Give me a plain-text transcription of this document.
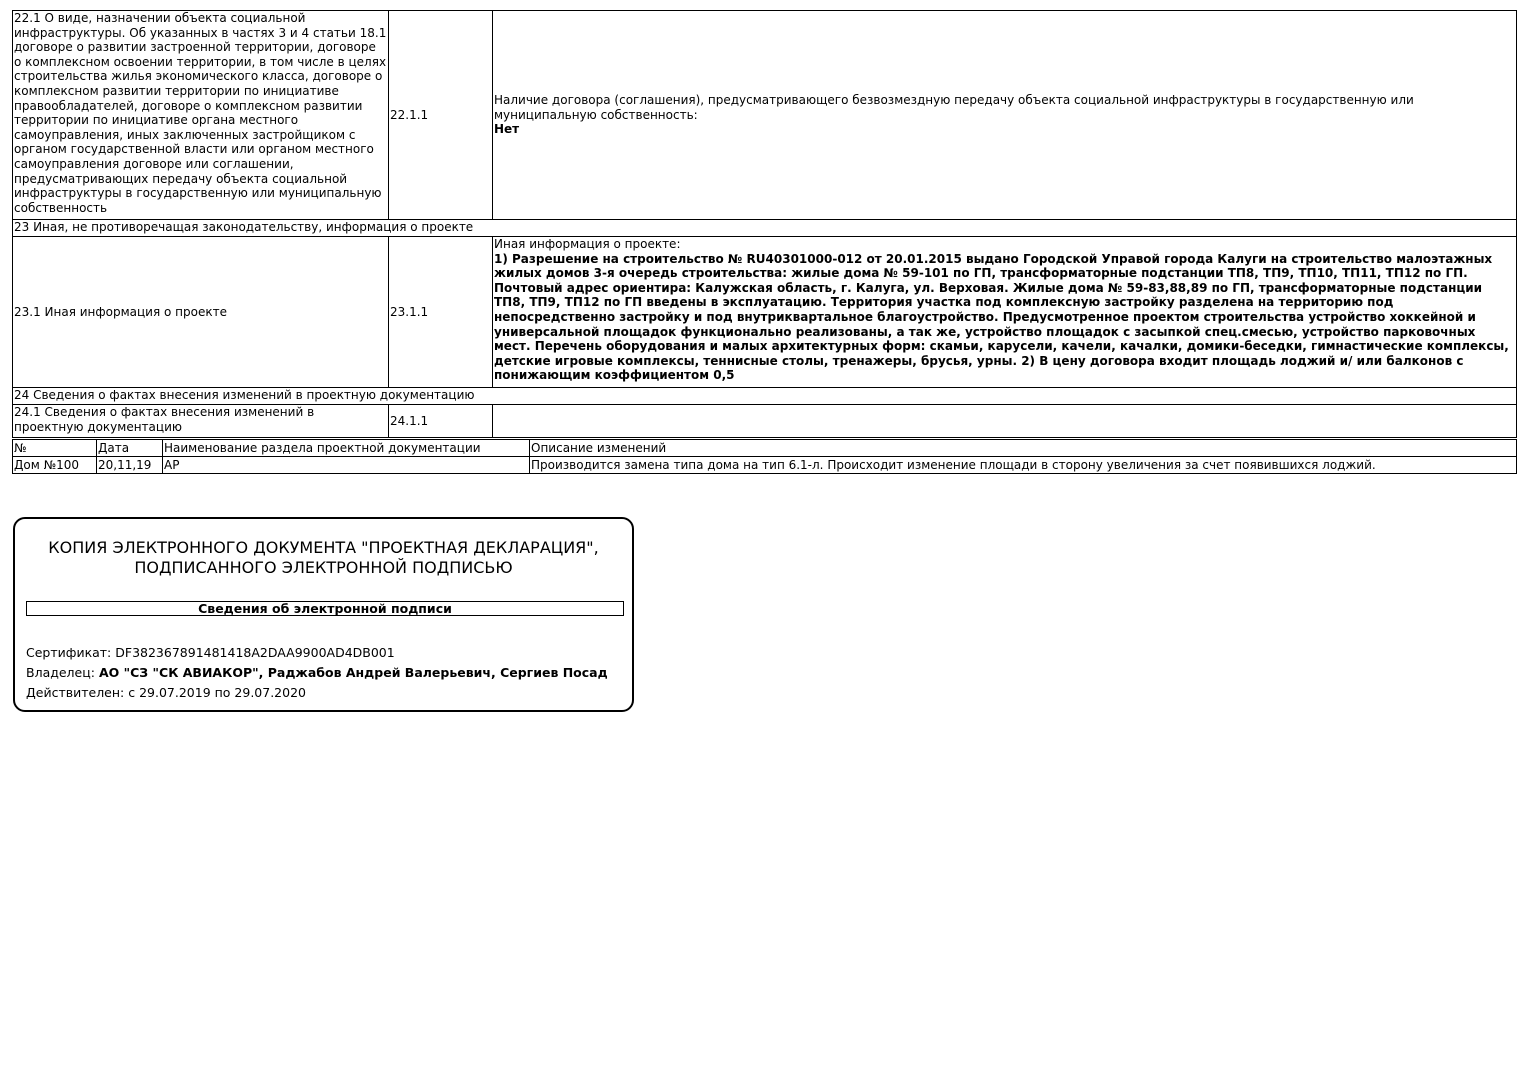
22.1 О виде, назначении объекта социальной инфраструктуры. Об указанных в частях 3 и 4 статьи 18.1 договоре о развитии застроенной территории, договоре о комплексном освоении территории, в том числе в целях строительства жилья экономического класса, договоре о комплексном развитии территории по инициативе правообладателей, договоре о комплексном развитии территории по инициативе органа местного самоуправления, иных заключенных застройщиком с органом государственной власти или органом местного самоуправления договоре или соглашении, предусматривающих передачу объекта социальной инфраструктуры в государственную или муниципальную собственность	22.1.1	Наличие договора (соглашения), предусматривающего безвозмездную передачу объекта социальной инфраструктуры в государственную или муниципальную собственность:
Нет

23 Иная, не противоречащая законодательству, информация о проекте		
23.1 Иная информация о проекте	23.1.1	Иная информация о проекте:
1) Разрешение на строительство № RU40301000-012 от 20.01.2015 выдано Городской Управой города Калуги на строительство малоэтажных жилых домов 3-я очередь строительства: жилые дома № 59-101 по ГП, трансформаторные подстанции ТП8, ТП9, ТП10, ТП11, ТП12 по ГП. Почтовый адрес ориентира: Калужская область, г. Калуга, ул. Верховая. Жилые дома № 59-83,88,89 по ГП, трансформаторные подстанции ТП8, ТП9, ТП12 по ГП введены в эксплуатацию. Территория участка под комплексную застройку разделена на территорию под непосредственно застройку и под внутриквартальное благоустройство. Предусмотренное проектом строительства устройство хоккейной и универсальной площадок функционально реализованы, а так же, устройство площадок с засыпкой спец.смесью, устройство парковочных мест. Перечень оборудования и малых архитектурных форм: скамьи, карусели, качели, качалки, домики-беседки, гимнастические комплексы, детские игровые комплексы, теннисные столы, тренажеры, брусья, урны. 2) В цену договора входит площадь лоджий и/ или балконов с понижающим коэффициентом 0,5

24 Сведения о фактах внесения изменений в проектную документацию		
24.1 Сведения о фактах внесения изменений в проектную документацию	24.1.1	
№	Дата	Наименование раздела проектной документации	Описание изменений
Дом №100	20,11,19	АР	Производится замена типа дома на тип 6.1-л. Происходит изменение площади в сторону увеличения за счет появившихся лоджий.
КОПИЯ ЭЛЕКТРОННОГО ДОКУМЕНТА "ПРОЕКТНАЯ ДЕКЛАРАЦИЯ",
ПОДПИСАННОГО ЭЛЕКТРОННОЙ ПОДПИСЬЮ
Сведения об электронной подписи
Сертификат: DF382367891481418A2DAA9900AD4DB001
Владелец: АО "СЗ "СК АВИАКОР", Раджабов Андрей Валерьевич, Сергиев Посад
Действителен: с 29.07.2019 по 29.07.2020
